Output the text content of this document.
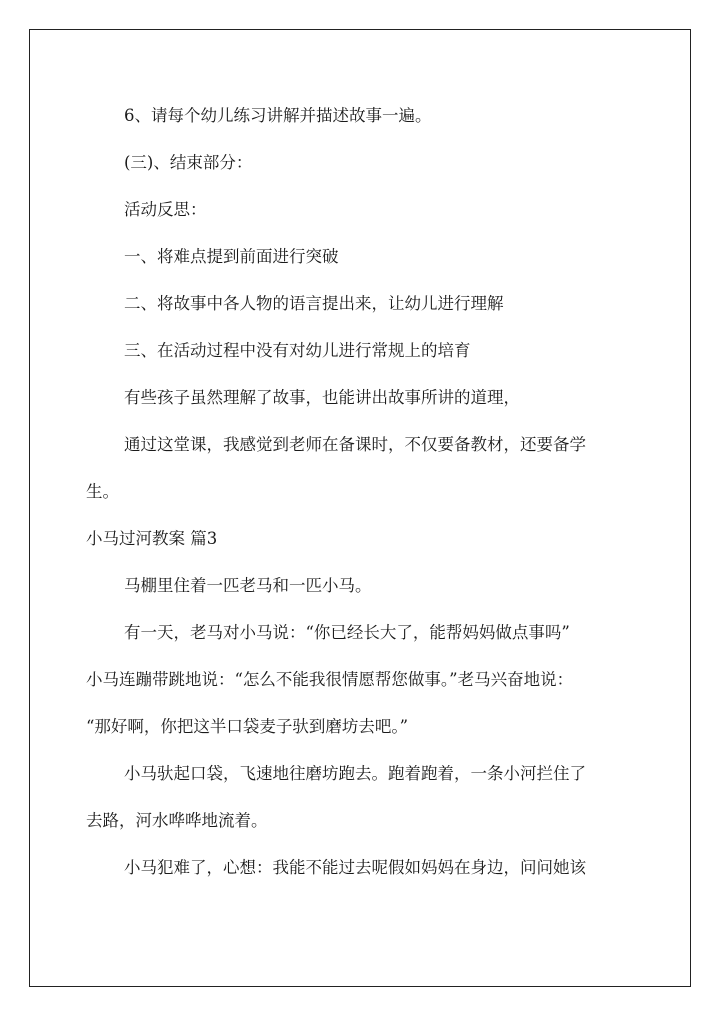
6、请每个幼儿练习讲解并描述故事一遍。

(三)、结束部分：

活动反思：

一、将难点提到前面进行突破

二、将故事中各人物的语言提出来，让幼儿进行理解

三、在活动过程中没有对幼儿进行常规上的培育

有些孩子虽然理解了故事，也能讲出故事所讲的道理，

通过这堂课，我感觉到老师在备课时，不仅要备教材，还要备学

生。

小马过河教案 篇3

马棚里住着一匹老马和一匹小马。

有一天，老马对小马说：“你已经长大了，能帮妈妈做点事吗”

小马连蹦带跳地说：“怎么不能我很情愿帮您做事。”老马兴奋地说：

“那好啊，你把这半口袋麦子驮到磨坊去吧。”

小马驮起口袋，飞速地往磨坊跑去。跑着跑着，一条小河拦住了

去路，河水哗哗地流着。

小马犯难了，心想：我能不能过去呢假如妈妈在身边，问问她该
